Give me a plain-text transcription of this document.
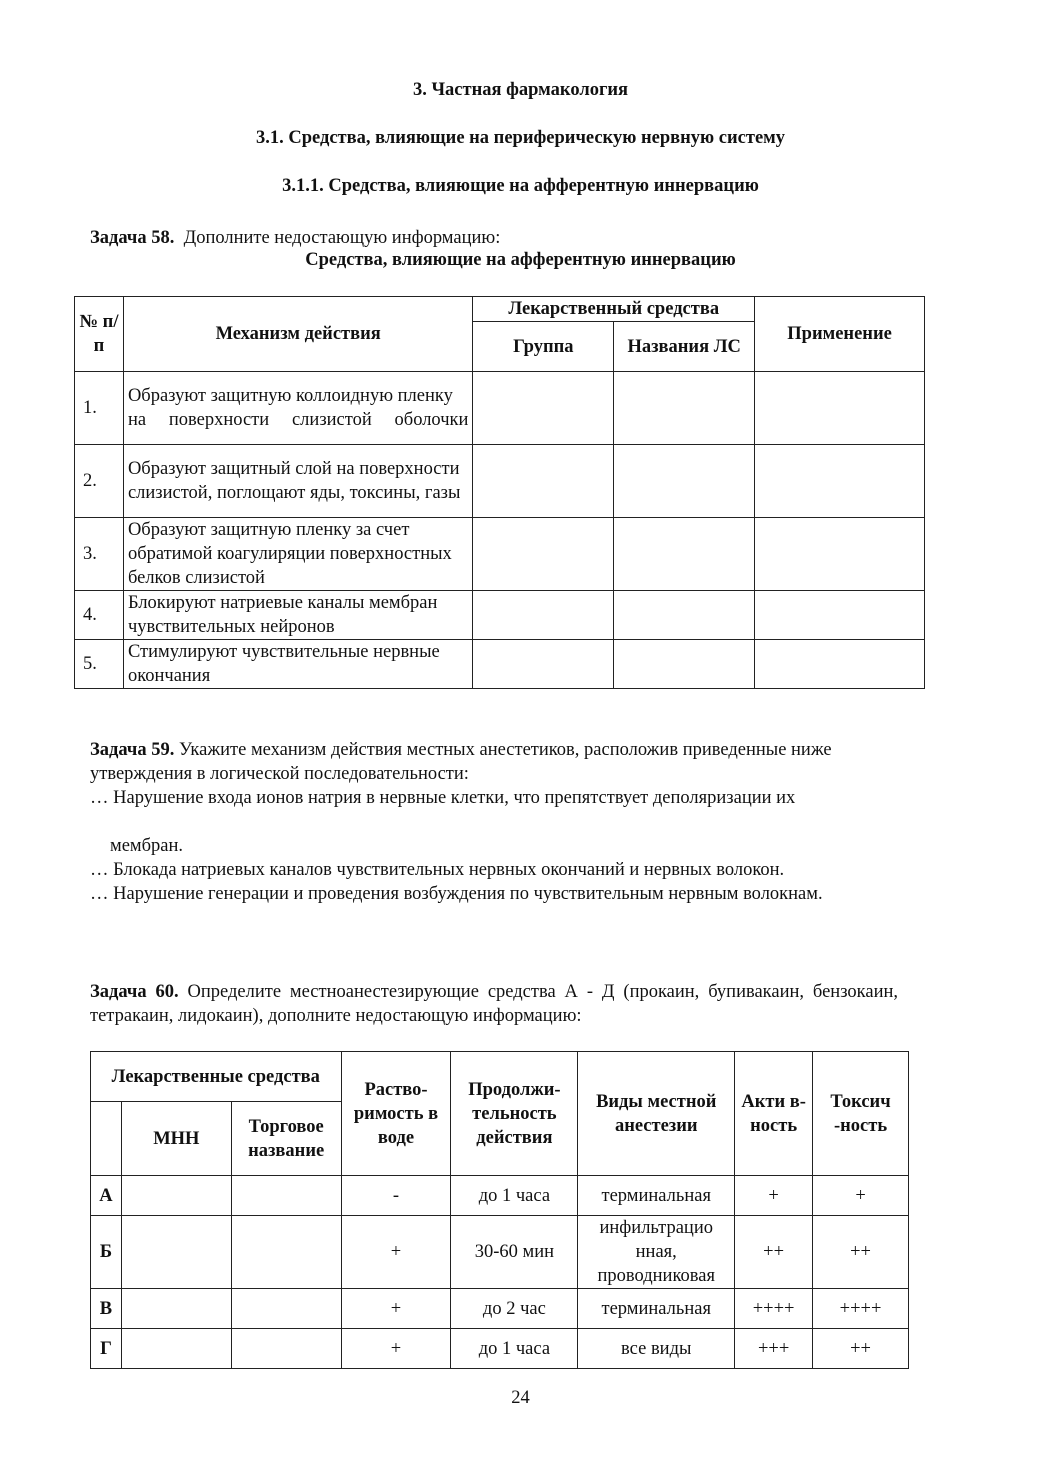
3. Частная фармакология
3.1. Средства, влияющие на периферическую нервную систему
3.1.1. Средства, влияющие на афферентную иннервацию
Задача 58. Дополните недостающую информацию:
Средства, влияющие на афферентную иннервацию
№ п/п	Механизм действия	Лекарственный средства		Применение
		Группа	Названия ЛС	
1.	Образуют защитную коллоидную пленку на поверхности слизистой оболочки			
2.	Образуют защитный слой на поверхности слизистой, поглощают яды, токсины, газы			
3.	Образуют защитную пленку за счет обратимой коагулиряции поверхностных белков слизистой			
4.	Блокируют натриевые каналы мембран чувствительных нейронов			
5.	Стимулируют чувствительные нервные окончания			
Задача 59. Укажите механизм действия местных анестетиков, расположив приведенные ниже утверждения в логической последовательности:
… Нарушение входа ионов натрия в нервные клетки, что препятствует деполяризации их
мембран.
… Блокада натриевых каналов чувствительных нервных окончаний и нервных волокон.
… Нарушение генерации и проведения возбуждения по чувствительным нервным волокнам.
Задача 60. Определите местноанестезирующие средства А - Д (прокаин, бупивакаин, бензокаин, тетракаин, лидокаин), дополните недостающую информацию:
Лекарственные средства			Раство-римость в воде	Продолжи-тельность действия	Виды местной анестезии	Акти в-ность	Токсич -ность
	МНН	Торговое название					
А			-	до 1 часа	терминальная	+	+
Б			+	30-60 мин	инфильтрацио нная, проводниковая	++	++
В			+	до 2 час	терминальная	++++	++++
Г			+	до 1 часа	все виды	+++	++
24
